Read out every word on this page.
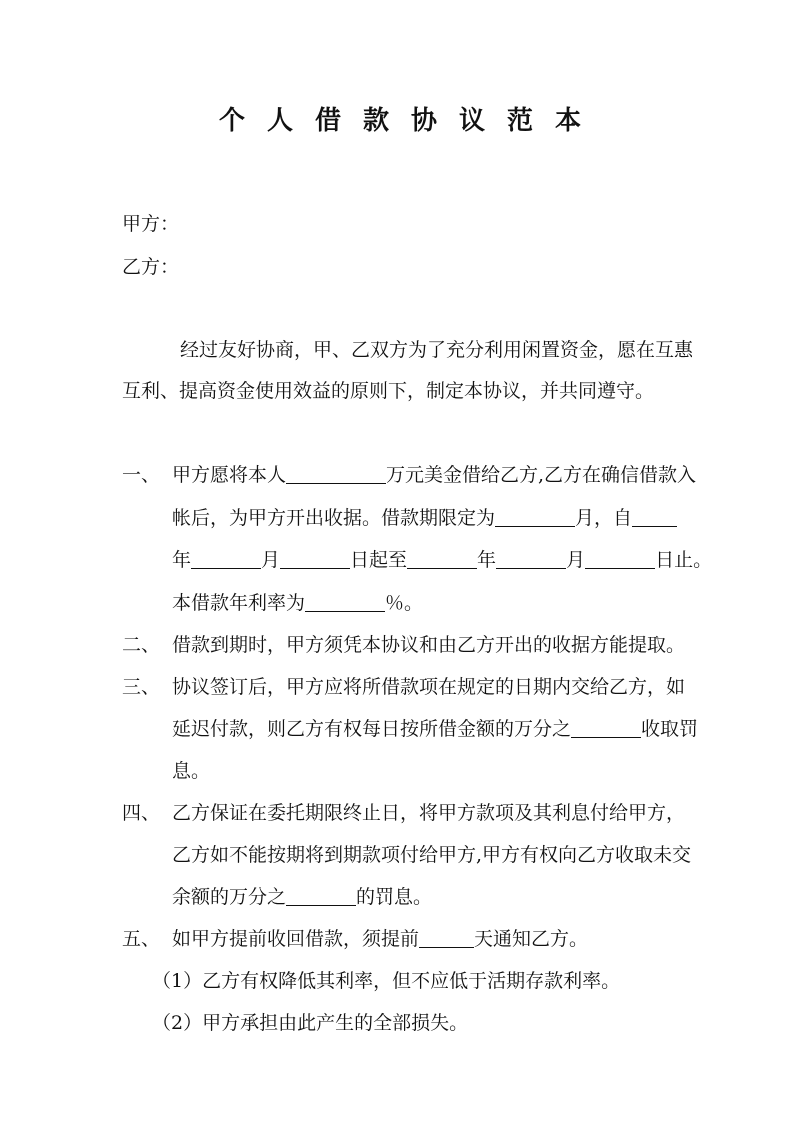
个人借款协议范本
甲方：
乙方：
经过友好协商，甲、乙双方为了充分利用闲置资金，愿在互惠
互利、提高资金使用效益的原则下，制定本协议，并共同遵守。
一、 甲方愿将本人	万元美金借给乙方,乙方在确信借款入
帐后，为甲方开出收据。借款期限定为	月，自
年	月	日起至	年	月	日止。
本借款年利率为	％。
二、 借款到期时，甲方须凭本协议和由乙方开出的收据方能提取。
三、 协议签订后，甲方应将所借款项在规定的日期内交给乙方，如
延迟付款，则乙方有权每日按所借金额的万分之	收取罚
息。
四、 乙方保证在委托期限终止日，将甲方款项及其利息付给甲方，
乙方如不能按期将到期款项付给甲方,甲方有权向乙方收取未交
余额的万分之	的罚息。
五、 如甲方提前收回借款，须提前	天通知乙方。
（1）乙方有权降低其利率，但不应低于活期存款利率。
（2）甲方承担由此产生的全部损失。
